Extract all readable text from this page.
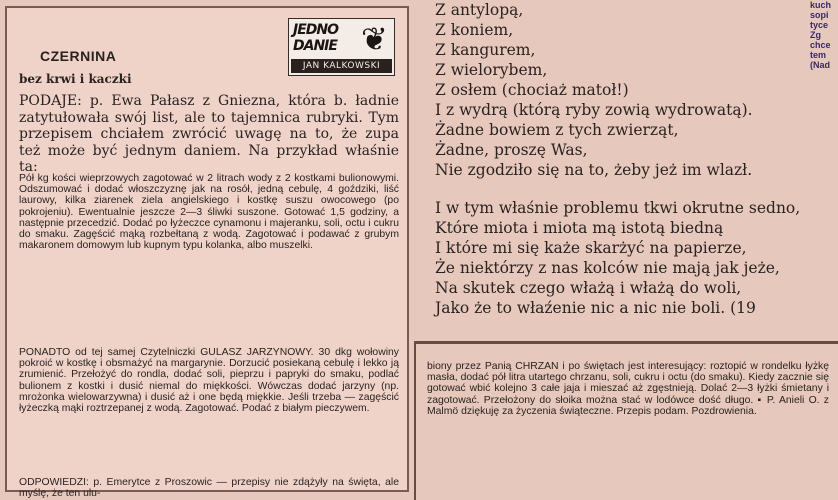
JEDNO DANIE ❦
JAN KALKOWSKI
CZERNINA
bez krwi i kaczki
PODAJE: p. Ewa Pałasz z Gniezna, która b. ładnie zatytułowała swój list, ale to tajemnica rubryki. Tym przepisem chciałem zwrócić uwagę na to, że zupa też może być jednym daniem. Na przykład właśnie ta:
Pół kg kości wieprzowych zagotować w 2 litrach wody z 2 kostkami bulionowymi. Odszumować i dodać włoszczyznę jak na rosół, jedną cebulę, 4 goździki, liść laurowy, kilka ziarenek ziela angielskiego i kostkę suszu owocowego (po pokrojeniu). Ewentualnie jeszcze 2—3 śliwki suszone. Gotować 1,5 godziny, a następnie przecedzić. Dodać po łyżeczce cynamonu i majeranku, soli, octu i cukru do smaku. Zagęścić mąką rozbełtaną z wodą. Zagotować i podawać z grubym makaronem domowym lub kupnym typu kolanka, albo muszelki.
PONADTO od tej samej Czytelniczki GULASZ JARZYNOWY. 30 dkg wołowiny pokroić w kostkę i obsmażyć na margarynie. Dorzucić posiekaną cebulę i lekko ją zrumienić. Przełożyć do rondla, dodać soli, pieprzu i papryki do smaku, podlać bulionem z kostki i dusić niemal do miękkości. Wówczas dodać jarzyny (np. mrożonka wielowarzywna) i dusić aż i one będą miękkie. Jeśli trzeba — zagęścić łyżeczką mąki roztrzepanej z wodą. Zagotować. Podać z białym pieczywem.
ODPOWIEDZI: p. Emerytce z Proszowic — przepisy nie zdążyły na święta, ale myślę, że ten ulu-
Z antylopą,
Z koniem,
Z kangurem,
Z wielorybem,
Z osłem (chociaż matoł!)
I z wydrą (którą ryby zowią wydrowatą).
Żadne bowiem z tych zwierząt,
Żadne, proszę Was,
Nie zgodziło się na to, żeby jeż im wlazł.
I w tym właśnie problemu tkwi okrutne sedno,
Które miota i miota mą istotą biedną
I które mi się każe skarżyć na papierze,
Że niektórzy z nas kolców nie mają jak jeże,
Na skutek czego włażą i włażą do woli,
Jako że to właźenie nic a nic nie boli. (19
kuch
sopi
tyce
Zg
chce
tem
(Nad
biony przez Panią CHRZAN i po świętach jest interesujący: roztopić w rondelku łyżkę masła, dodać pół litra utartego chrzanu, soli, cukru i octu (do smaku). Kiedy zacznie się gotować wbić kolejno 3 całe jaja i mieszać aż zgęstnieją. Dolać 2—3 łyżki śmietany i zagotować. Przełożony do słoika można stać w lodówce dość długo. ▪ P. Anieli O. z Malmö dziękuję za życzenia świąteczne. Przepis podam. Pozdrowienia.
